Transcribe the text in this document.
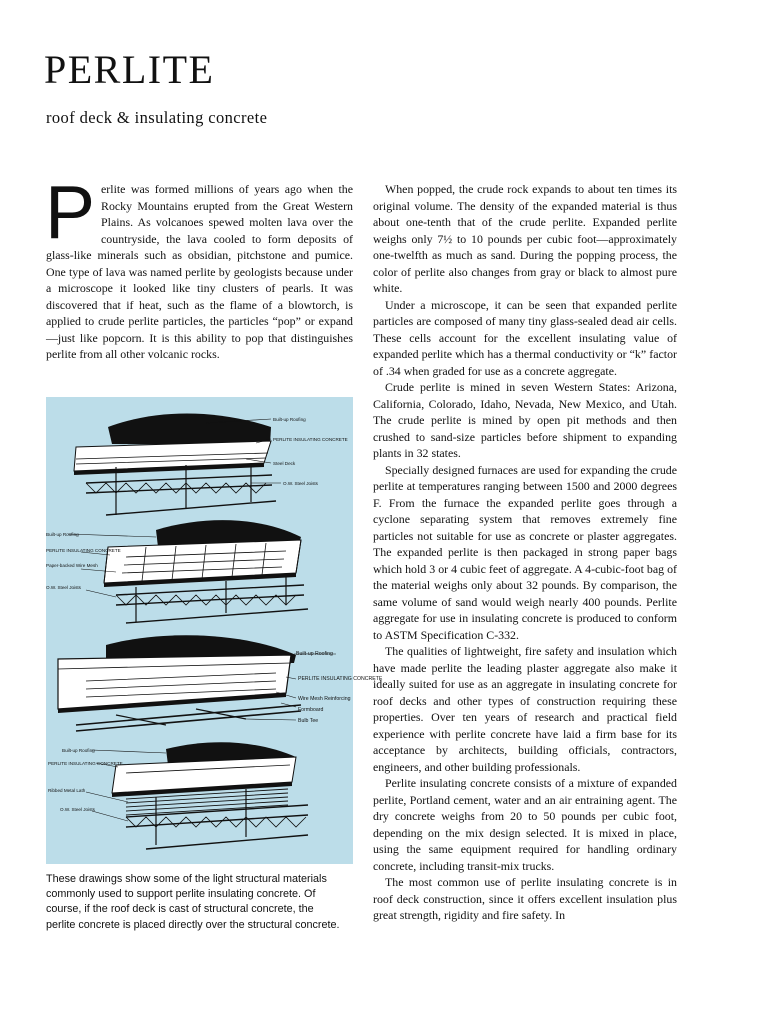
PERLITE
roof deck & insulating concrete

Perlite was formed millions of years ago when the Rocky Mountains erupted from the Great Western Plains. As volcanoes spewed molten lava over the countryside, the lava cooled to form deposits of glass-like minerals such as obsidian, pitchstone and pumice. One type of lava was named perlite by geologists because under a microscope it looked like tiny clusters of pearls. It was discovered that if heat, such as the flame of a blowtorch, is applied to crude perlite particles, the particles “pop” or expand—just like popcorn. It is this ability to pop that distinguishes perlite from all other volcanic rocks.

Built-up Roofing
PERLITE INSULATING CONCRETE
Steel Deck
O.W. Steel Joists
Built-up Roofing
PERLITE INSULATING CONCRETE
Paper-backed Wire Mesh
O.W. Steel Joists
Built-up Roofing
PERLITE INSULATING CONCRETE
Wire Mesh Reinforcing
Formboard
Bulb Tee
Built-up Roofing
PERLITE INSULATING CONCRETE
Ribbed Metal Lath
O.W. Steel Joists

These drawings show some of the light structural materials commonly used to support perlite insulating concrete. Of course, if the roof deck is cast of structural concrete, the perlite concrete is placed directly over the structural concrete.

When popped, the crude rock expands to about ten times its original volume. The density of the expanded material is thus about one-tenth that of the crude perlite. Expanded perlite weighs only 7½ to 10 pounds per cubic foot—approximately one-twelfth as much as sand. During the popping process, the color of perlite also changes from gray or black to almost pure white.

Under a microscope, it can be seen that expanded perlite particles are composed of many tiny glass-sealed dead air cells. These cells account for the excellent insulating value of expanded perlite which has a thermal conductivity or “k” factor of .34 when graded for use as a concrete aggregate.

Crude perlite is mined in seven Western States: Arizona, California, Colorado, Idaho, Nevada, New Mexico, and Utah. The crude perlite is mined by open pit methods and then crushed to sand-size particles before shipment to expanding plants in 32 states.

Specially designed furnaces are used for expanding the crude perlite at temperatures ranging between 1500 and 2000 degrees F. From the furnace the expanded perlite goes through a cyclone separating system that removes extremely fine particles not suitable for use as concrete or plaster aggregates. The expanded perlite is then packaged in strong paper bags which hold 3 or 4 cubic feet of aggregate. A 4-cubic-foot bag of the material weighs only about 32 pounds. By comparison, the same volume of sand would weigh nearly 400 pounds. Perlite aggregate for use in insulating concrete is produced to conform to ASTM Specification C-332.

The qualities of lightweight, fire safety and insulation which have made perlite the leading plaster aggregate also make it ideally suited for use as an aggregate in insulating concrete for roof decks and other types of construction requiring these properties. Over ten years of research and practical field experience with perlite concrete have laid a firm base for its acceptance by architects, building officials, contractors, engineers, and other building professionals.

Perlite insulating concrete consists of a mixture of expanded perlite, Portland cement, water and an air entraining agent. The dry concrete weighs from 20 to 50 pounds per cubic foot, depending on the mix design selected. It is mixed in place, using the same equipment required for handling ordinary concrete, including transit-mix trucks.

The most common use of perlite insulating concrete is in roof deck construction, since it offers excellent insulation plus great strength, rigidity and fire safety. In
